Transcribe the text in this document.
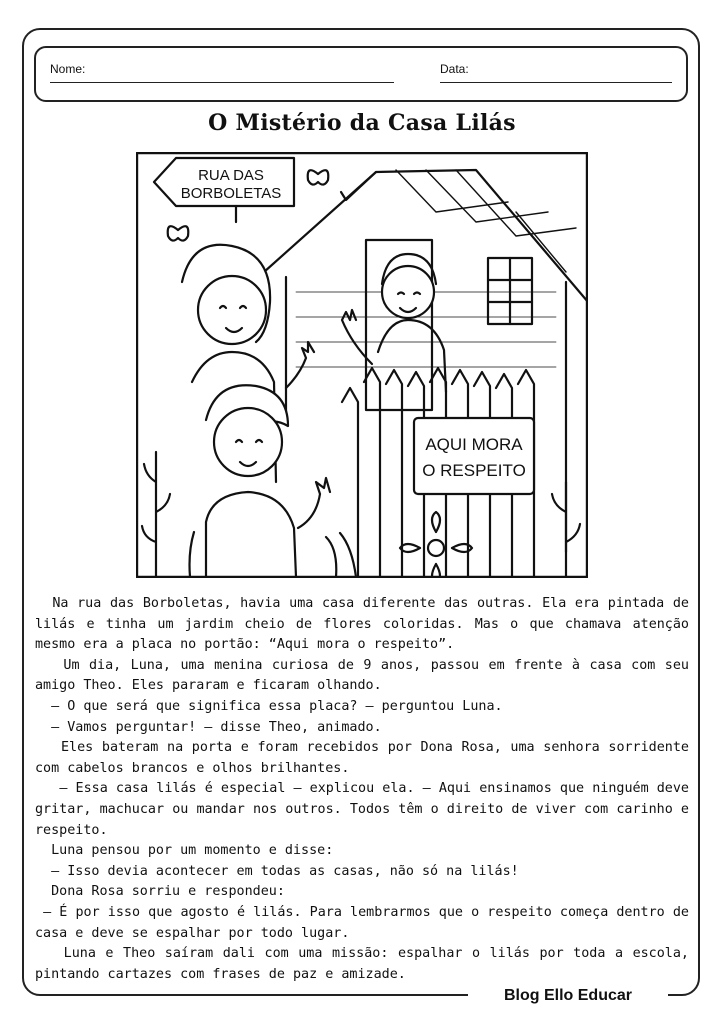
Nome:	Data:
O Mistério da Casa Lilás
RUA DAS
BORBOLETAS
AQUI MORA
O RESPEITO

Na rua das Borboletas, havia uma casa diferente das outras. Ela era pintada de lilás e tinha um jardim cheio de flores coloridas. Mas o que chamava atenção mesmo era a placa no portão: “Aqui mora o respeito”.

Um dia, Luna, uma menina curiosa de 9 anos, passou em frente à casa com seu amigo Theo. Eles pararam e ficaram olhando.

— O que será que significa essa placa? — perguntou Luna.

— Vamos perguntar! — disse Theo, animado.

Eles bateram na porta e foram recebidos por Dona Rosa, uma senhora sorridente com cabelos brancos e olhos brilhantes.

— Essa casa lilás é especial — explicou ela. — Aqui ensinamos que ninguém deve gritar, machucar ou mandar nos outros. Todos têm o direito de viver com carinho e respeito.

Luna pensou por um momento e disse:

— Isso devia acontecer em todas as casas, não só na lilás!

Dona Rosa sorriu e respondeu:

— É por isso que agosto é lilás. Para lembrarmos que o respeito começa dentro de casa e deve se espalhar por todo lugar.

Luna e Theo saíram dali com uma missão: espalhar o lilás por toda a escola, pintando cartazes com frases de paz e amizade.

Blog Ello Educar
